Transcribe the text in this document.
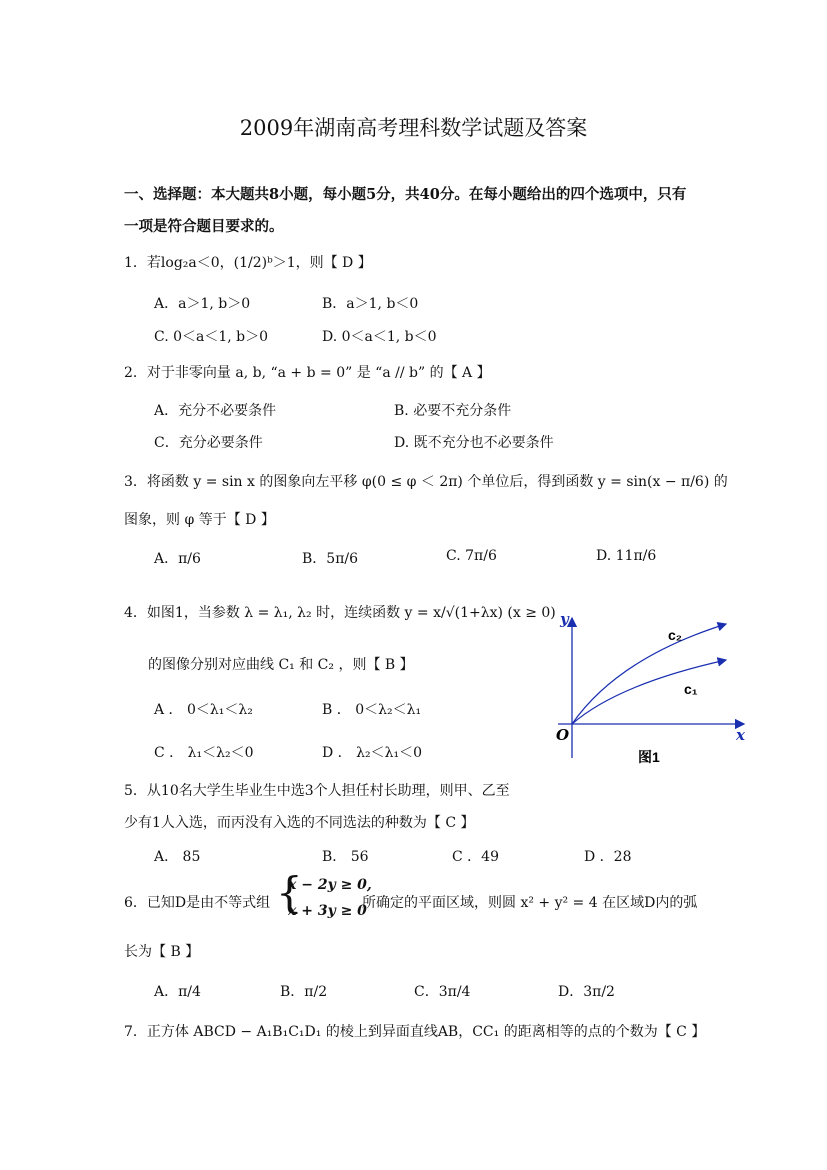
2009年湖南高考理科数学试题及答案
一、选择题：本大题共8小题，每小题5分，共40分。在每小题给出的四个选项中，只有
一项是符合题目要求的。
1．若log₂a＜0，(1/2)ᵇ＞1，则【 D 】
A．a＞1, b＞0	B．a＞1, b＜0
C. 0＜a＜1, b＞0	D. 0＜a＜1, b＜0
2．对于非零向量 a, b, “a + b = 0” 是 “a // b” 的【 A 】
A．充分不必要条件	B. 必要不充分条件
C．充分必要条件	D. 既不充分也不必要条件
3．将函数 y = sin x 的图象向左平移 φ(0 ≤ φ ＜ 2π) 个单位后，得到函数 y = sin(x − π/6) 的
图象，则 φ 等于【 D 】
A．π/6	B．5π/6	C. 7π/6	D. 11π/6
4．如图1，当参数 λ = λ₁, λ₂ 时，连续函数 y = x/√(1+λx) (x ≥ 0)
的图像分别对应曲线 C₁ 和 C₂ ，则【 B 】
A ． 0＜λ₁＜λ₂	B ． 0＜λ₂＜λ₁
C ． λ₁＜λ₂＜0	D ． λ₂＜λ₁＜0
y
x
O
c₂
c₁
图1
5．从10名大学生毕业生中选3个人担任村长助理，则甲、乙至
少有1人入选，而丙没有入选的不同选法的种数为【 C 】
A． 85	B． 56	C ．49	D ．28
6．已知D是由不等式组 {
x − 2y ≥ 0,
x + 3y ≥ 0
所确定的平面区域，则圆 x² + y² = 4 在区域D内的弧
长为【 B 】
A．π/4	B．π/2	C．3π/4	D．3π/2
7．正方体 ABCD − A₁B₁C₁D₁ 的棱上到异面直线AB，CC₁ 的距离相等的点的个数为【 C 】
